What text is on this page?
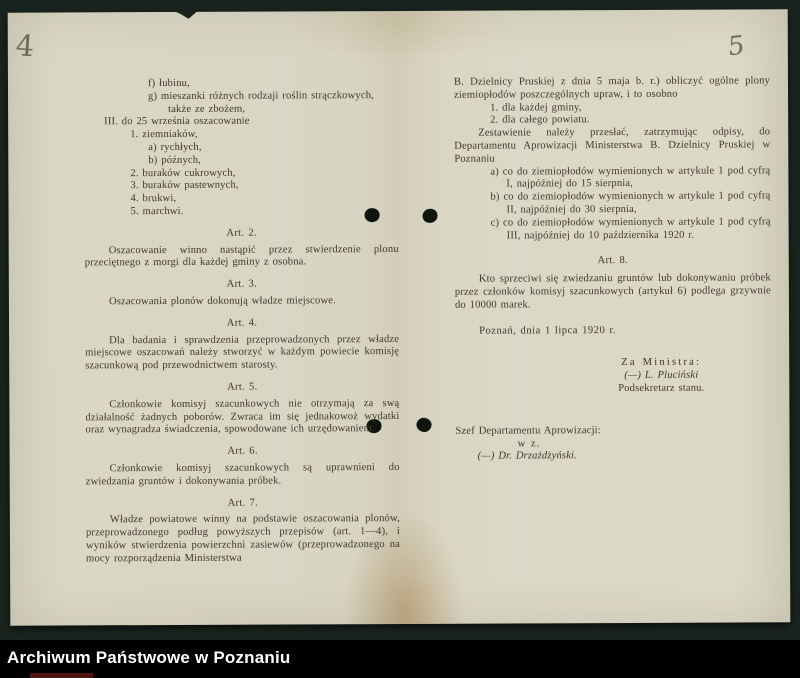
4	5
f) łubinu,
g) mieszanki różnych rodzaji roślin strączkowych,
także ze zbożem,
III. do 25 września oszacowanie
1. ziemniaków,
a) rychłych,
b) późnych,
2. buraków cukrowych,
3. buraków pastewnych,
4. brukwi,
5. marchwi.
Art. 2.

Oszacowanie winno nastąpić przez stwierdzenie plonu przeciętnego z morgi dla każdej gminy z osobna.

Art. 3.

Oszacowania plonów dokonują władze miejscowe.

Art. 4.

Dla badania i sprawdzenia przeprowadzonych przez władze miejscowe oszacowań należy stworzyć w każdym powiecie komisję szacunkową pod przewodnictwem starosty.

Art. 5.

Członkowie komisyj szacunkowych nie otrzymają za swą działalność żadnych poborów. Zwraca im się jednakowoż wydatki oraz wynagradza świadczenia, spowodowane ich urzędowaniem.

Art. 6.

Członkowie komisyj szacunkowych są uprawnieni do zwiedzania gruntów i dokonywania próbek.

Art. 7.

Władze powiatowe winny na podstawie oszacowania plonów, przeprowadzonego podług powyższych przepisów (art. 1—4), i wyników stwierdzenia powierzchni zasiewów (przeprowadzonego na mocy rozporządzenia Ministerstwa

B. Dzielnicy Pruskiej z dnia 5 maja b. r.) obliczyć ogólne plony ziemiopłodów poszczególnych upraw, i to osobno

1. dla każdej gminy,
2. dla całego powiatu.

Zestawienie należy przesłać, zatrzymując odpisy, do Departamentu Aprowizacji Ministerstwa B. Dzielnicy Pruskiej w Poznaniu

a) co do ziemiopłodów wymienionych w artykule 1 pod cyfrą I, najpóźniej do 15 sierpnia,
b) co do ziemiopłodów wymienionych w artykule 1 pod cyfrą II, najpóźniej do 30 sierpnia,
c) co do ziemiopłodów wymienionych w artykule 1 pod cyfrą III, najpóźniej do 10 października 1920 r.
Art. 8.

Kto sprzeciwi się zwiedzaniu gruntów lub dokonywaniu próbek przez członków komisyj szacunkowych (artykuł 6) podlega grzywnie do 10000 marek.

Poznań, dnia 1 lipca 1920 r.

Za Ministra:
(—) L. Pluciński
Podsekretarz stanu.
Szef Departamentu Aprowizacji:
w z.
(—) Dr. Drzażdżyński.
Archiwum Państwowe w Poznaniu
